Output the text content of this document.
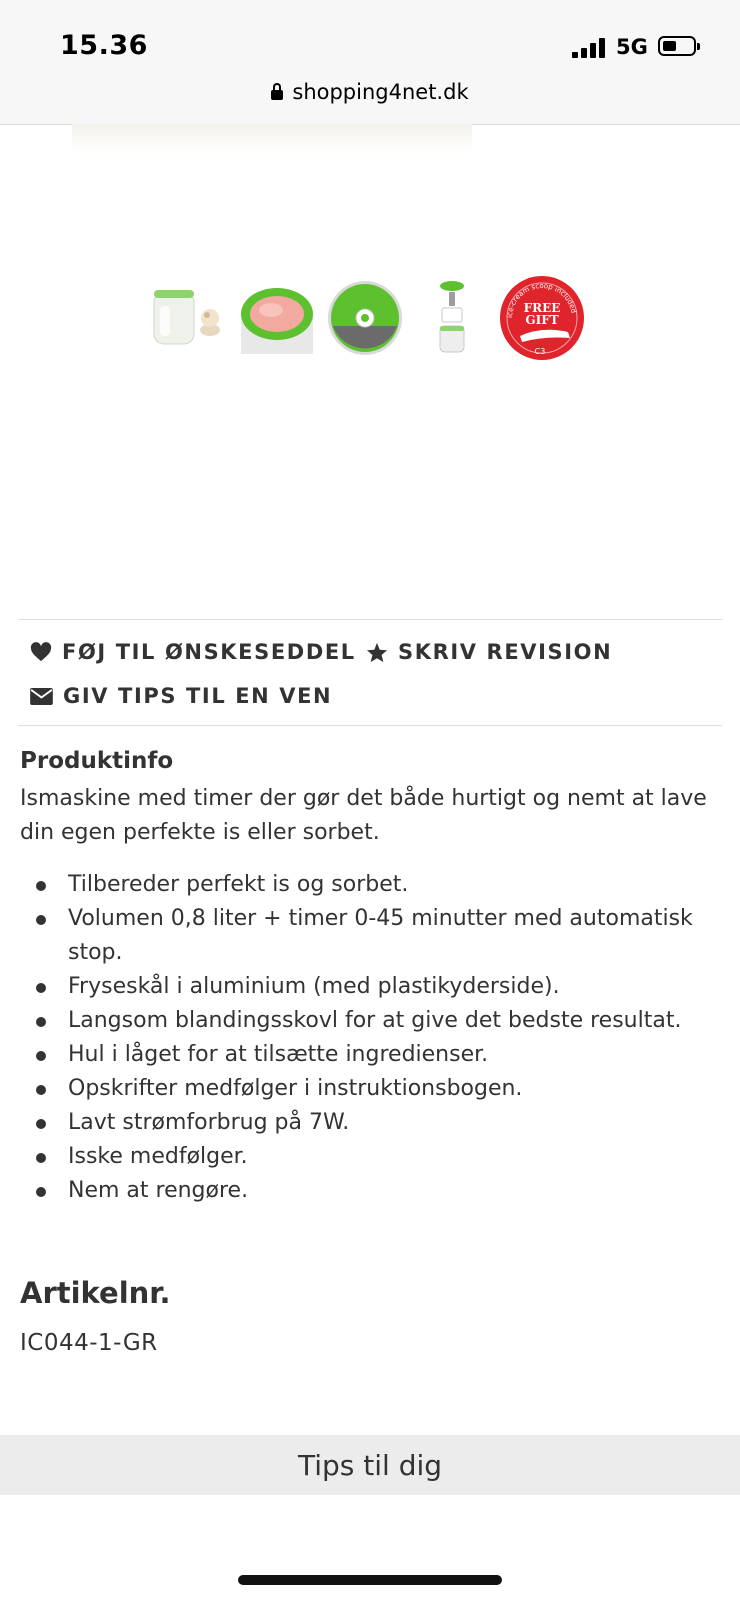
15.36	5G
shopping4net.dk
ice-cream scoop included
FREE
GIFT
C3
FØJ TIL ØNSKESEDDEL SKRIV REVISION
GIV TIPS TIL EN VEN
Produktinfo
Ismaskine med timer der gør det både hurtigt og nemt at lave din egen perfekte is eller sorbet.
Tilbereder perfekt is og sorbet.
Volumen 0,8 liter + timer 0-45 minutter med automatisk stop.
Fryseskål i aluminium (med plastikyderside).
Langsom blandingsskovl for at give det bedste resultat.
Hul i låget for at tilsætte ingredienser.
Opskrifter medfølger i instruktionsbogen.
Lavt strømforbrug på 7W.
Isske medfølger.
Nem at rengøre.
Artikelnr.
IC044-1-GR
Tips til dig
